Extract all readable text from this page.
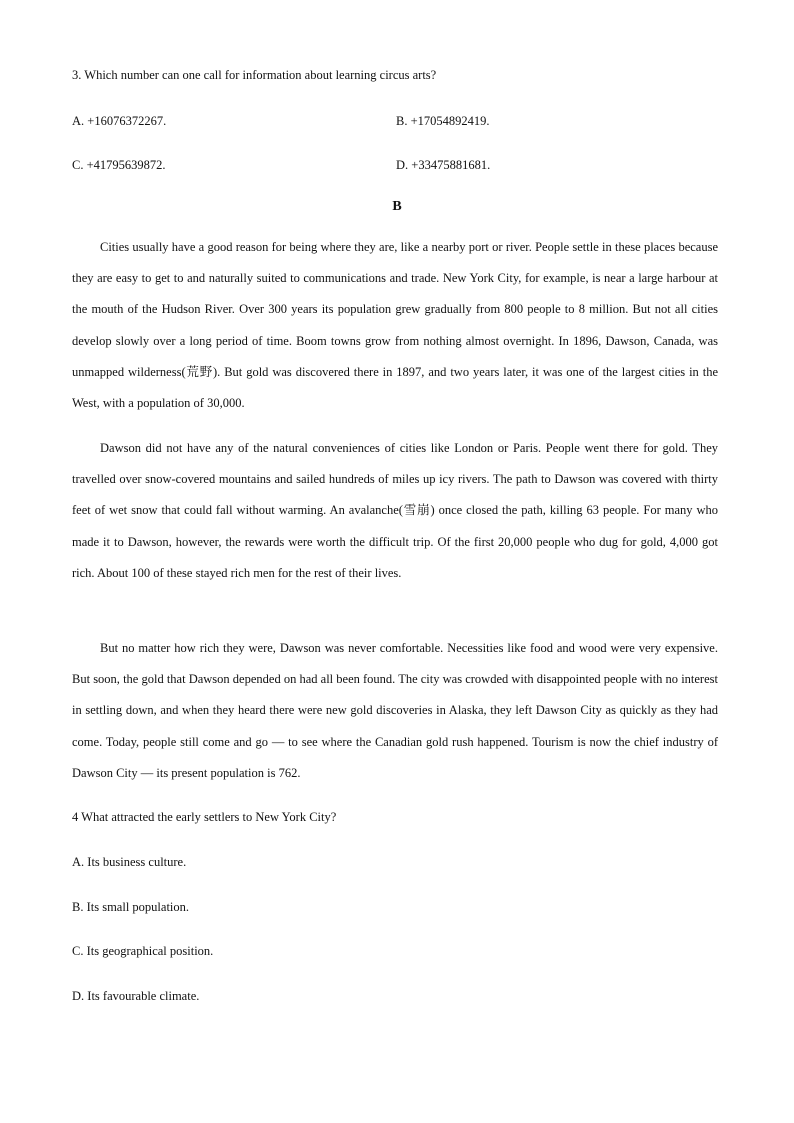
3. Which number can one call for information about learning circus arts?
A. +16076372267.	B. +17054892419.
C. +41795639872.	D. +33475881681.
B

Cities usually have a good reason for being where they are, like a nearby port or river. People settle in these places because they are easy to get to and naturally suited to communications and trade. New York City, for example, is near a large harbour at the mouth of the Hudson River. Over 300 years its population grew gradually from 800 people to 8 million. But not all cities develop slowly over a long period of time. Boom towns grow from nothing almost overnight. In 1896, Dawson, Canada, was unmapped wilderness(荒野). But gold was discovered there in 1897, and two years later, it was one of the largest cities in the West, with a population of 30,000.

Dawson did not have any of the natural conveniences of cities like London or Paris. People went there for gold. They travelled over snow-covered mountains and sailed hundreds of miles up icy rivers. The path to Dawson was covered with thirty feet of wet snow that could fall without warming. An avalanche(雪崩) once closed the path, killing 63 people. For many who made it to Dawson, however, the rewards were worth the difficult trip. Of the first 20,000 people who dug for gold, 4,000 got rich. About 100 of these stayed rich men for the rest of their lives.

But no matter how rich they were, Dawson was never comfortable. Necessities like food and wood were very expensive. But soon, the gold that Dawson depended on had all been found. The city was crowded with disappointed people with no interest in settling down, and when they heard there were new gold discoveries in Alaska, they left Dawson City as quickly as they had come. Today, people still come and go — to see where the Canadian gold rush happened. Tourism is now the chief industry of Dawson City — its present population is 762.

4 What attracted the early settlers to New York City?
A. Its business culture.
B. Its small population.
C. Its geographical position.
D. Its favourable climate.
